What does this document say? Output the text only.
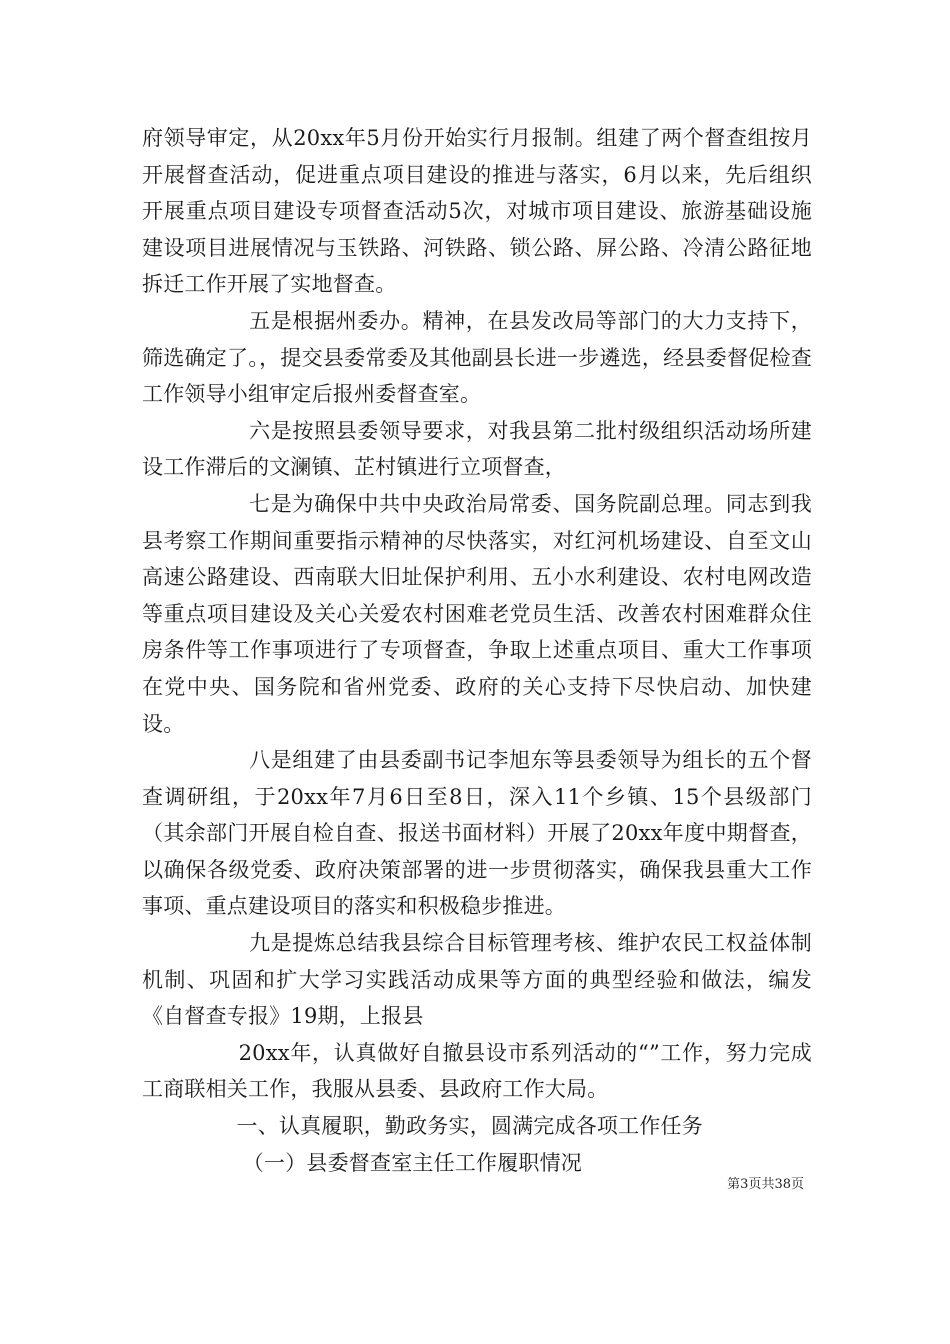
府领导审定，从20xx年5月份开始实行月报制。组建了两个督查组按月开展督查活动，促进重点项目建设的推进与落实，6月以来，先后组织开展重点项目建设专项督查活动5次，对城市项目建设、旅游基础设施建设项目进展情况与玉铁路、河铁路、锁公路、屏公路、冷清公路征地拆迁工作开展了实地督查。

五是根据州委办。精神，在县发改局等部门的大力支持下，筛选确定了。，提交县委常委及其他副县长进一步遴选，经县委督促检查工作领导小组审定后报州委督查室。

六是按照县委领导要求，对我县第二批村级组织活动场所建设工作滞后的文澜镇、芷村镇进行立项督查，

七是为确保中共中央政治局常委、国务院副总理。同志到我县考察工作期间重要指示精神的尽快落实，对红河机场建设、自至文山高速公路建设、西南联大旧址保护利用、五小水利建设、农村电网改造等重点项目建设及关心关爱农村困难老党员生活、改善农村困难群众住房条件等工作事项进行了专项督查，争取上述重点项目、重大工作事项在党中央、国务院和省州党委、政府的关心支持下尽快启动、加快建设。

八是组建了由县委副书记李旭东等县委领导为组长的五个督查调研组，于20xx年7月6日至8日，深入11个乡镇、15个县级部门（其余部门开展自检自查、报送书面材料）开展了20xx年度中期督查，以确保各级党委、政府决策部署的进一步贯彻落实，确保我县重大工作事项、重点建设项目的落实和积极稳步推进。

九是提炼总结我县综合目标管理考核、维护农民工权益体制机制、巩固和扩大学习实践活动成果等方面的典型经验和做法，编发《自督查专报》19期，上报县

20xx年，认真做好自撤县设市系列活动的“”工作，努力完成工商联相关工作，我服从县委、县政府工作大局。

一、认真履职，勤政务实，圆满完成各项工作任务

（一）县委督查室主任工作履职情况

第3页共38页
